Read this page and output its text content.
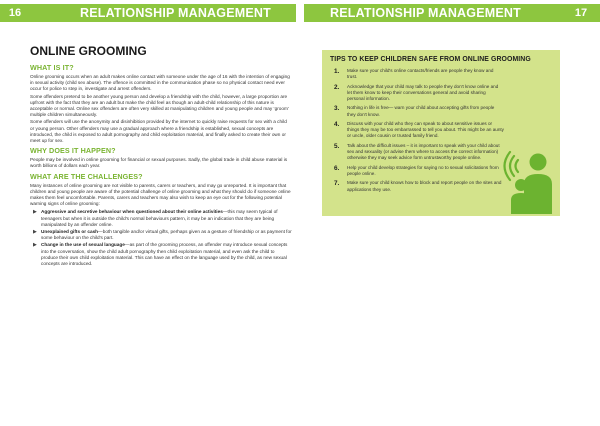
16	RELATIONSHIP MANAGEMENT	RELATIONSHIP MANAGEMENT	17
ONLINE GROOMING
WHAT IS IT?

Online grooming occurs when an adult makes online contact with someone under the age of 16 with the intention of engaging in sexual activity (child sex abuse). The offence is committed in the communication phase so no physical contact need ever occur for police to step in, investigate and arrest offenders.

Some offenders pretend to be another young person and develop a friendship with the child, however, a large proportion are upfront with the fact that they are an adult but make the child feel as though an adult-child relationship of this nature is acceptable or normal. Online sex offenders are often very skilled at manipulating children and young people and may ‘groom’ multiple children simultaneously.

Some offenders will use the anonymity and disinhibition provided by the internet to quickly raise requests for sex with a child or young person. Other offenders may use a gradual approach where a friendship is established, sexual concepts are introduced, the child is exposed to adult pornography and child exploitation material, and finally asked to create their own or meet up for sex.

WHY DOES IT HAPPEN?

People may be involved in online grooming for financial or sexual purposes. Sadly, the global trade in child abuse material is worth billions of dollars each year.

WHAT ARE THE CHALLENGES?

Many instances of online grooming are not visible to parents, carers or teachers, and may go unreported. It is important that children and young people are aware of the potential challenge of online grooming and what they should do if someone online makes them feel uncomfortable. Parents, carers and teachers may also wish to keep an eye out for the following potential warning signs of online grooming:

▶ Aggressive and secretive behaviour when questioned about their online activities—this may seem typical of teenagers but when it is outside the child's normal behaviours pattern, it may be an indication that they are being manipulated by an offender online.
▶ Unexplained gifts or cash—both tangible and/or virtual gifts, perhaps given as a gesture of friendship or as payment for some behaviour on the child's part.
▶ Change in the use of sexual language—as part of the grooming process, an offender may introduce sexual concepts into the conversation, show the child adult pornography then child exploitation material, and even ask the child to produce their own child exploitation material. This can have an effect on the language used by the child, as new sexual concepts are introduced.
TIPS TO KEEP CHILDREN SAFE FROM ONLINE GROOMING
1.	Make sure your child's online contacts/friends are people they know and trust.
2.	Acknowledge that your child may talk to people they don't know online and let them know to keep their conversations general and avoid sharing personal information.
3.	Nothing in life is free— warn your child about accepting gifts from people they don't know.
4.	Discuss with your child who they can speak to about sensitive issues or things they may be too embarrassed to tell you about. This might be an aunty or uncle, older cousin or trusted family friend.
5.	Talk about the difficult issues – it is important to speak with your child about sex and sexuality (or advise them where to access the correct information) otherwise they may seek advice form untrustworthy people online.
6.	Help your child develop strategies for saying no to sexual solicitations from people online.
7.	Make sure your child knows how to block and report people on the sites and applications they use.
